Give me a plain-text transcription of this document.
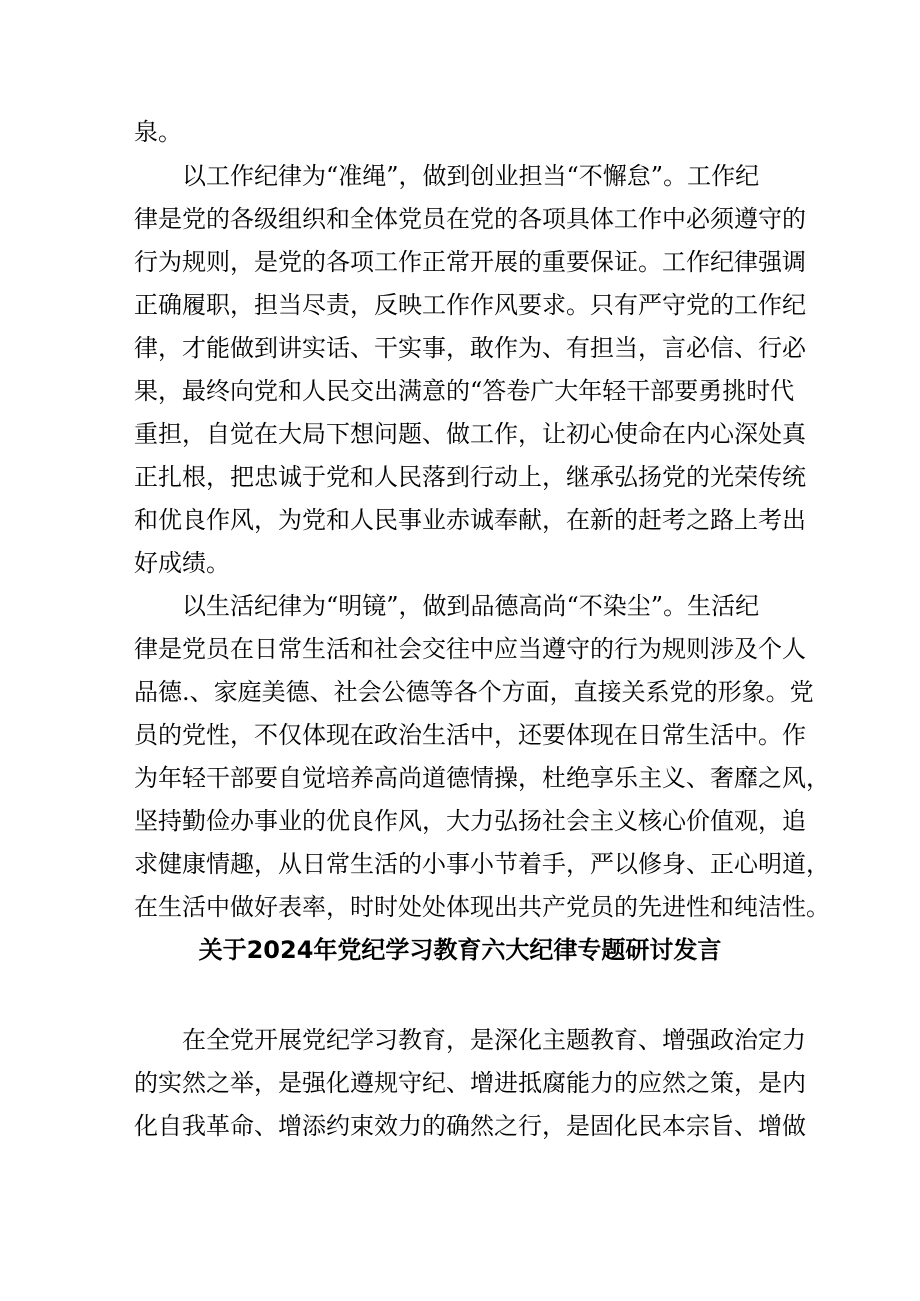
泉。

以工作纪律为“准绳”，做到创业担当“不懈怠”。工作纪

律是党的各级组织和全体党员在党的各项具体工作中必须遵守的

行为规则，是党的各项工作正常开展的重要保证。工作纪律强调

正确履职，担当尽责，反映工作作风要求。只有严守党的工作纪

律，才能做到讲实话、干实事，敢作为、有担当，言必信、行必

果，最终向党和人民交出满意的“答卷广大年轻干部要勇挑时代

重担，自觉在大局下想问题、做工作，让初心使命在内心深处真

正扎根，把忠诚于党和人民落到行动上，继承弘扬党的光荣传统

和优良作风，为党和人民事业赤诚奉献，在新的赶考之路上考出

好成绩。

以生活纪律为“明镜”，做到品德高尚“不染尘”。生活纪

律是党员在日常生活和社会交往中应当遵守的行为规则涉及个人

品德.、家庭美德、社会公德等各个方面，直接关系党的形象。党

员的党性，不仅体现在政治生活中，还要体现在日常生活中。作

为年轻干部要自觉培养高尚道德情操，杜绝享乐主义、奢靡之风，

坚持勤俭办事业的优良作风，大力弘扬社会主义核心价值观，追

求健康情趣，从日常生活的小事小节着手，严以修身、正心明道，

在生活中做好表率，时时处处体现出共产党员的先进性和纯洁性。

关于2024年党纪学习教育六大纪律专题研讨发言

在全党开展党纪学习教育，是深化主题教育、增强政治定力

的实然之举，是强化遵规守纪、增进抵腐能力的应然之策，是内

化自我革命、增添约束效力的确然之行，是固化民本宗旨、增做
